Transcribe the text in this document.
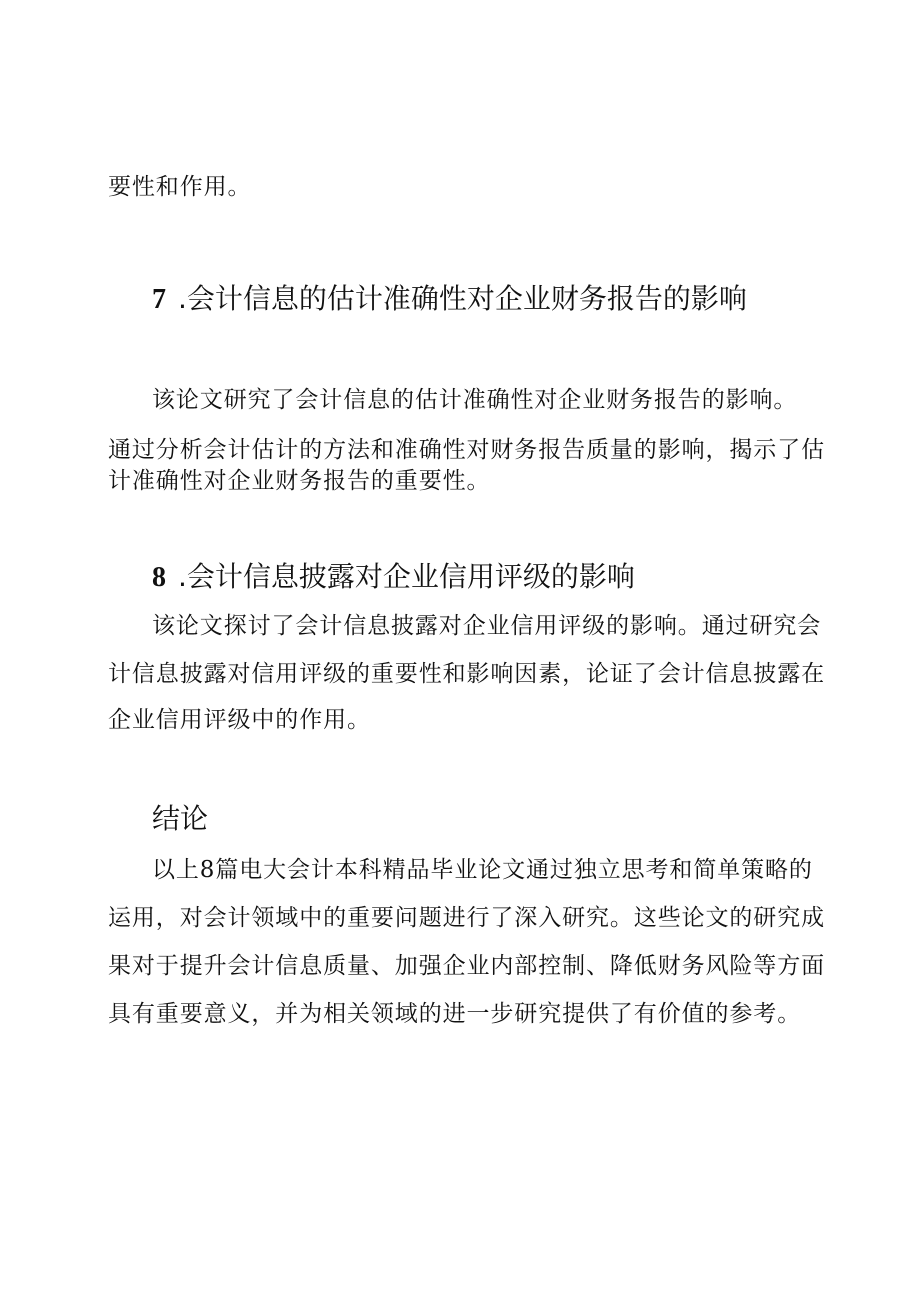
要性和作用。
7 .会计信息的估计准确性对企业财务报告的影响
该论文研究了会计信息的估计准确性对企业财务报告的影响。
通过分析会计估计的方法和准确性对财务报告质量的影响，揭示了估
计准确性对企业财务报告的重要性。
8 .会计信息披露对企业信用评级的影响
该论文探讨了会计信息披露对企业信用评级的影响。通过研究会
计信息披露对信用评级的重要性和影响因素，论证了会计信息披露在
企业信用评级中的作用。
结论
以上8篇电大会计本科精品毕业论文通过独立思考和简单策略的
运用，对会计领域中的重要问题进行了深入研究。这些论文的研究成
果对于提升会计信息质量、加强企业内部控制、降低财务风险等方面
具有重要意义，并为相关领域的进一步研究提供了有价值的参考。
